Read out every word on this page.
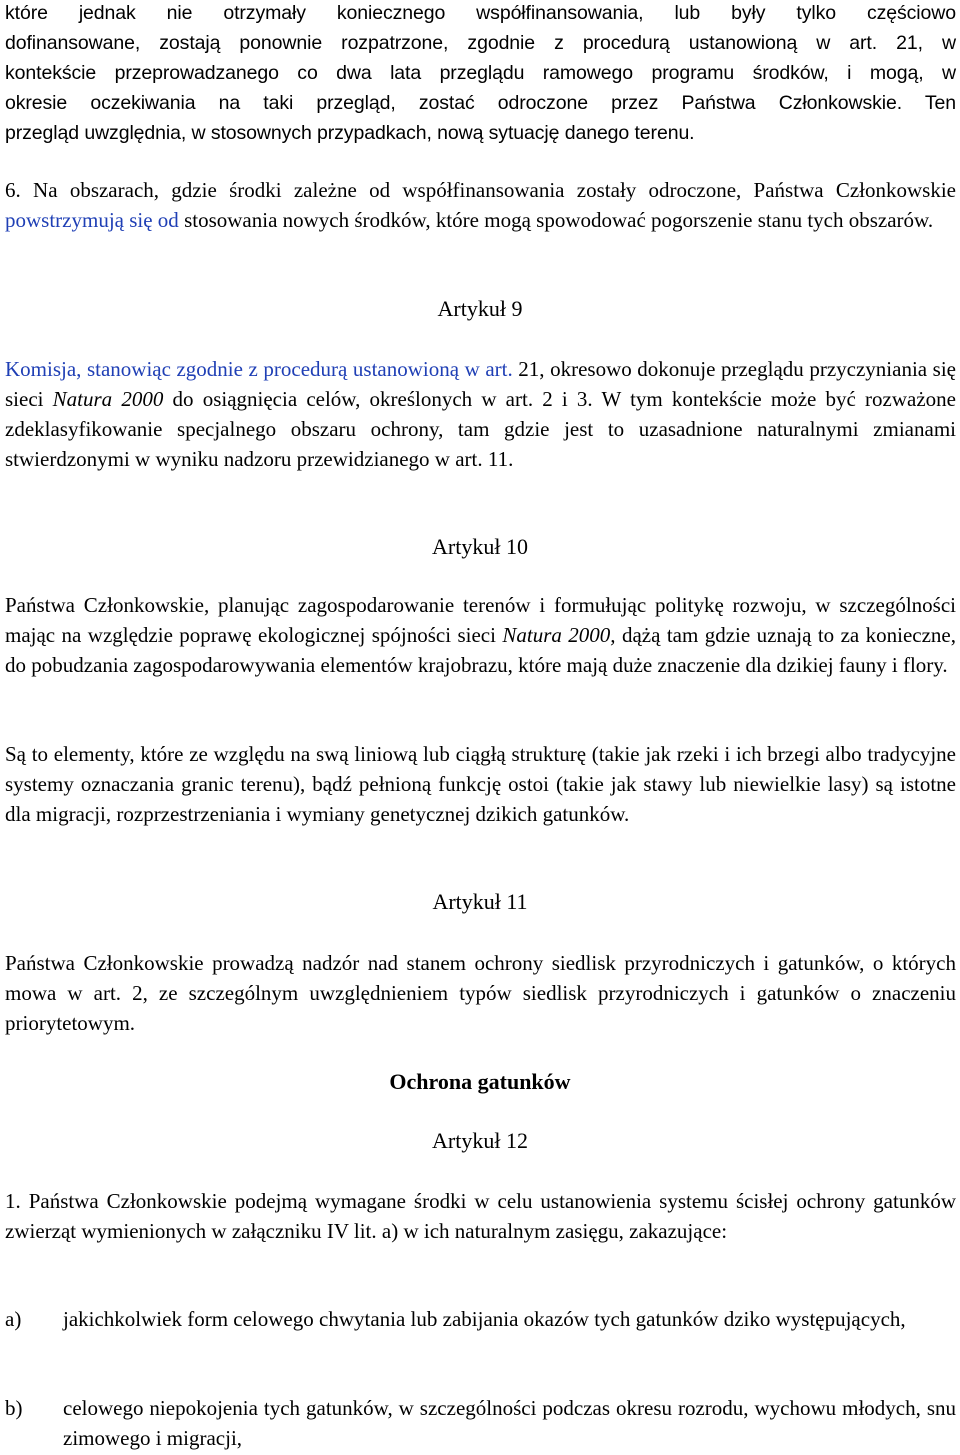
które jednak nie otrzymały koniecznego współfinansowania, lub były tylko częściowo
dofinansowane, zostają ponownie rozpatrzone, zgodnie z procedurą ustanowioną w art. 21, w
kontekście przeprowadzanego co dwa lata przeglądu ramowego programu środków, i mogą, w
okresie oczekiwania na taki przegląd, zostać odroczone przez Państwa Członkowskie. Ten
przegląd uwzględnia, w stosownych przypadkach, nową sytuację danego terenu.

6. Na obszarach, gdzie środki zależne od współfinansowania zostały odroczone, Państwa Członkowskie powstrzymują się od stosowania nowych środków, które mogą spowodować pogorszenie stanu tych obszarów.

Artykuł 9

Komisja, stanowiąc zgodnie z procedurą ustanowioną w art. 21, okresowo dokonuje przeglądu przyczyniania się sieci Natura 2000 do osiągnięcia celów, określonych w art. 2 i 3. W tym kontekście może być rozważone zdeklasyfikowanie specjalnego obszaru ochrony, tam gdzie jest to uzasadnione naturalnymi zmianami stwierdzonymi w wyniku nadzoru przewidzianego w art. 11.

Artykuł 10

Państwa Członkowskie, planując zagospodarowanie terenów i formułując politykę rozwoju, w szczególności mając na względzie poprawę ekologicznej spójności sieci Natura 2000, dążą tam gdzie uznają to za konieczne, do pobudzania zagospodarowywania elementów krajobrazu, które mają duże znaczenie dla dzikiej fauny i flory.

Są to elementy, które ze względu na swą liniową lub ciągłą strukturę (takie jak rzeki i ich brzegi albo tradycyjne systemy oznaczania granic terenu), bądź pełnioną funkcję ostoi (takie jak stawy lub niewielkie lasy) są istotne dla migracji, rozprzestrzeniania i wymiany genetycznej dzikich gatunków.

Artykuł 11

Państwa Członkowskie prowadzą nadzór nad stanem ochrony siedlisk przyrodniczych i gatunków, o których mowa w art. 2, ze szczególnym uwzględnieniem typów siedlisk przyrodniczych i gatunków o znaczeniu priorytetowym.

Ochrona gatunków
Artykuł 12

1. Państwa Członkowskie podejmą wymagane środki w celu ustanowienia systemu ścisłej ochrony gatunków zwierząt wymienionych w załączniku IV lit. a) w ich naturalnym zasięgu, zakazujące:

a) jakichkolwiek form celowego chwytania lub zabijania okazów tych gatunków dziko występujących,
b) celowego niepokojenia tych gatunków, w szczególności podczas okresu rozrodu, wychowu młodych, snu zimowego i migracji,
